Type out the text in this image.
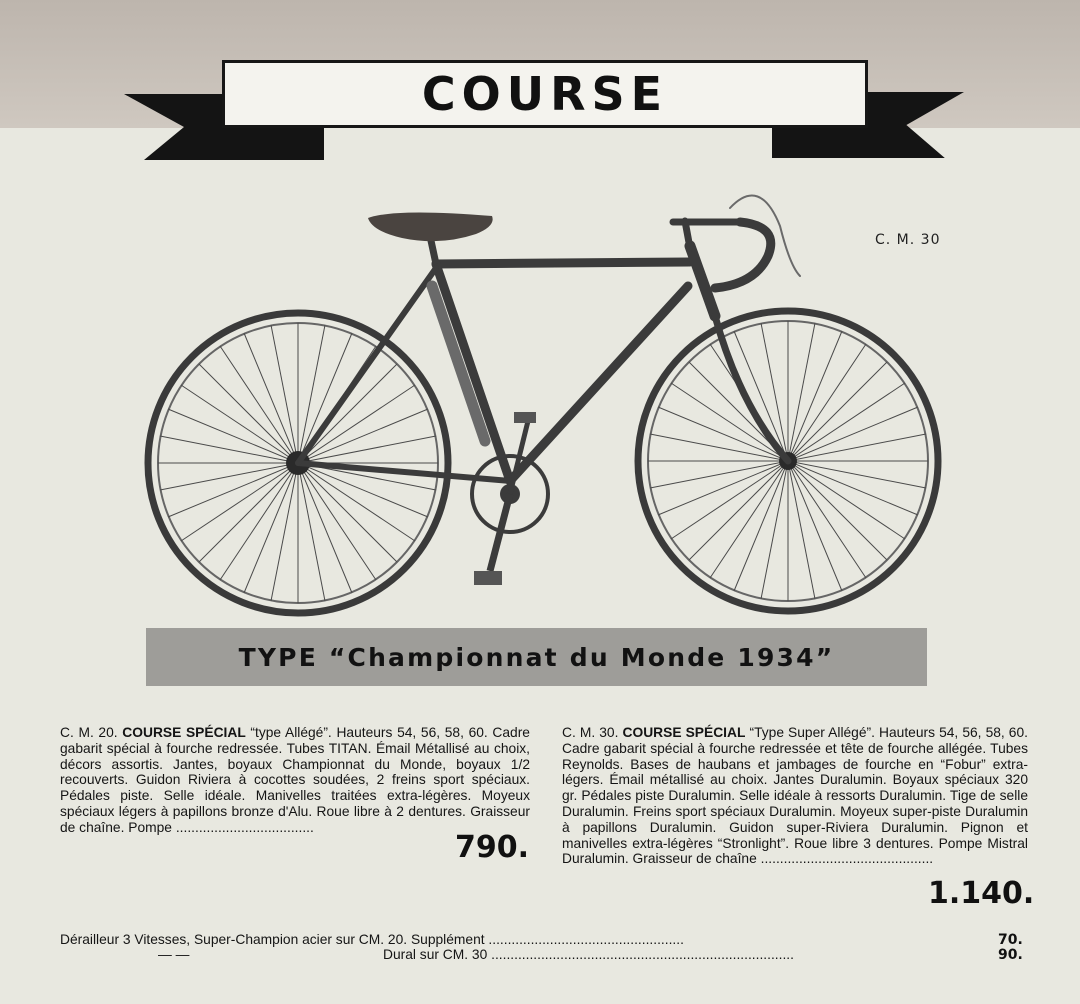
COURSE
C. M. 30
TYPE “Championnat du Monde 1934”
C. M. 20. COURSE SPÉCIAL “type Allégé”. Hauteurs 54, 56, 58, 60. Cadre gabarit spécial à fourche redressée. Tubes TITAN. Émail Métallisé au choix, décors assortis. Jantes, boyaux Championnat du Monde, boyaux 1/2 recouverts. Guidon Riviera à cocottes soudées, 2 freins sport spéciaux. Pédales piste. Selle idéale. Manivelles traitées extra-légères. Moyeux spéciaux légers à papillons bronze d'Alu. Roue libre à 2 dentures. Graisseur de chaîne. Pompe ....................................
790.
C. M. 30. COURSE SPÉCIAL “Type Super Allégé”. Hauteurs 54, 56, 58, 60. Cadre gabarit spécial à fourche redressée et tête de fourche allégée. Tubes Reynolds. Bases de haubans et jambages de fourche en “Fobur” extra-légers. Émail métallisé au choix. Jantes Duralumin. Boyaux spéciaux 320 gr. Pédales piste Duralumin. Selle idéale à ressorts Duralumin. Tige de selle Duralumin. Freins sport spéciaux Duralumin. Moyeux super-piste Duralumin à papillons Duralumin. Guidon super-Riviera Duralumin. Pignon et manivelles extra-légères “Stronlight”. Roue libre 3 dentures. Pompe Mistral Duralumin. Graisseur de chaîne .............................................
1.140.
Dérailleur 3 Vitesses, Super-Champion acier sur CM. 20. Supplément ...................................................	70.
— —	Dural sur CM. 30 ...............................................................................	90.
